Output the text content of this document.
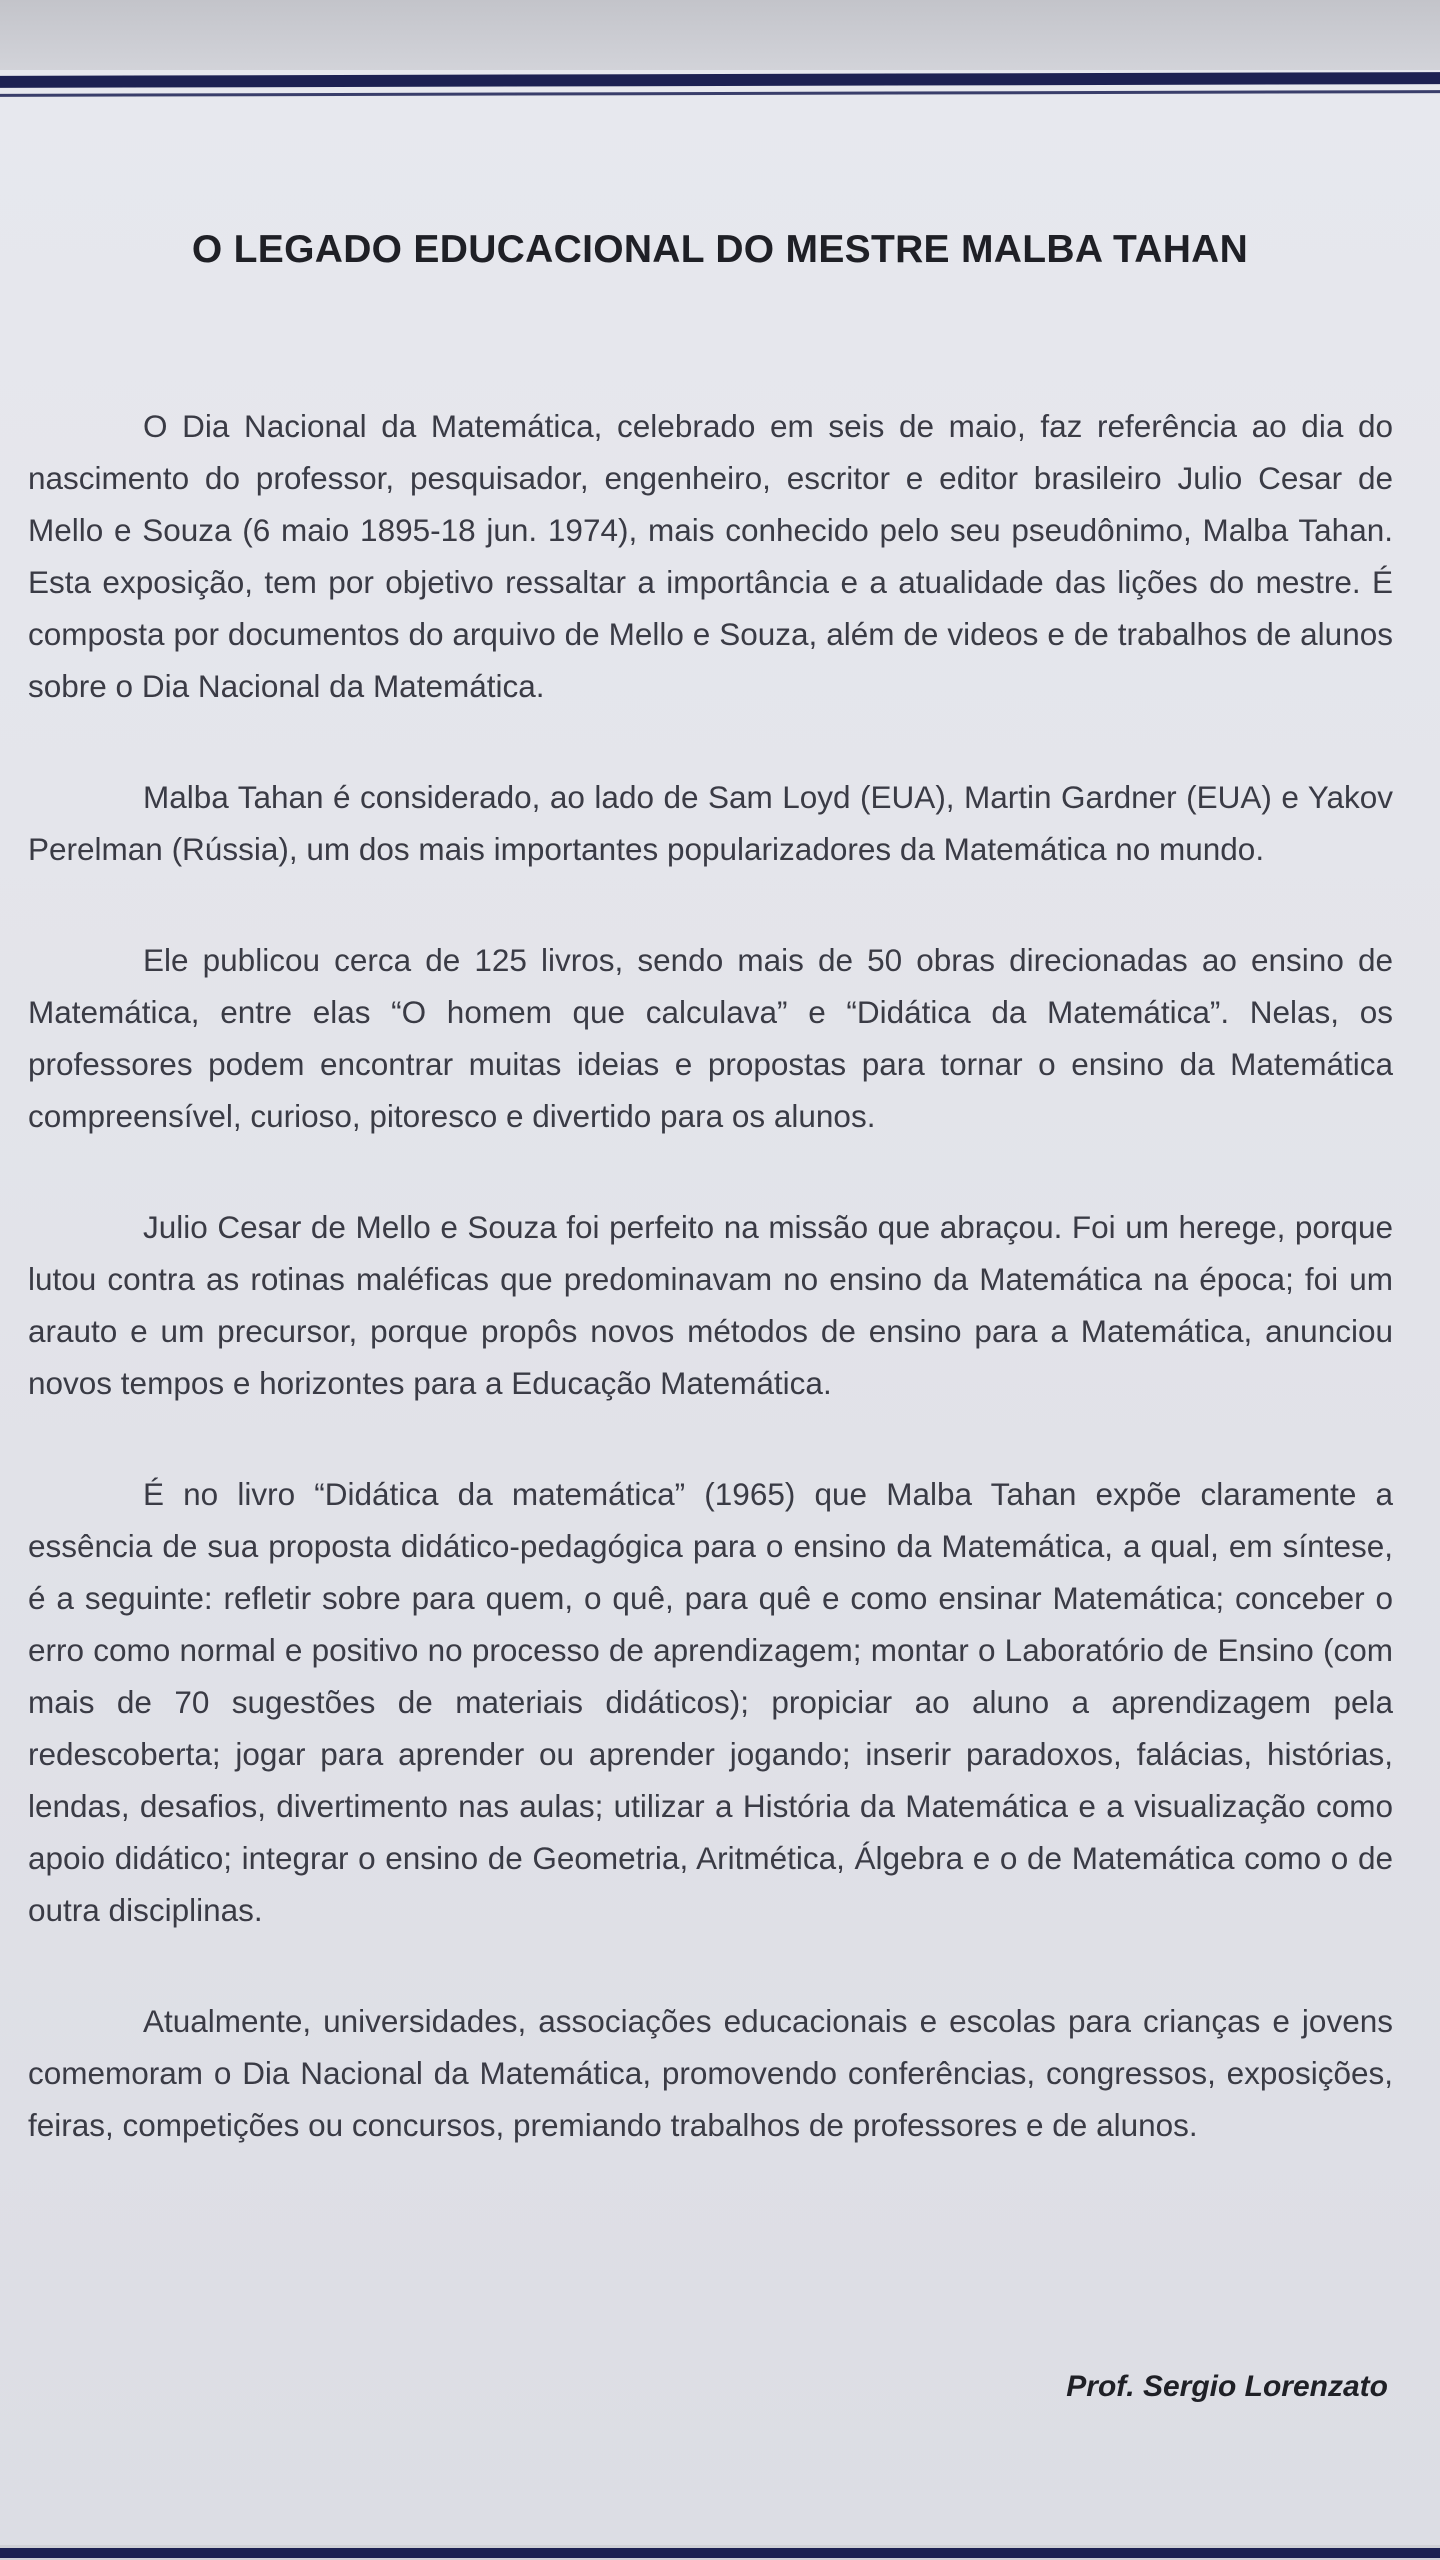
O LEGADO EDUCACIONAL DO MESTRE MALBA TAHAN

O Dia Nacional da Matemática, celebrado em seis de maio, faz referência ao dia do nascimento do professor, pesquisador, engenheiro, escritor e editor brasileiro Julio Cesar de Mello e Souza (6 maio 1895-18 jun. 1974), mais conhecido pelo seu pseudônimo, Malba Tahan. Esta exposição, tem por objetivo ressaltar a importância e a atualidade das lições do mestre. É composta por documentos do arquivo de Mello e Souza, além de videos e de trabalhos de alunos sobre o Dia Nacional da Matemática.

Malba Tahan é considerado, ao lado de Sam Loyd (EUA), Martin Gardner (EUA) e Yakov Perelman (Rússia), um dos mais importantes popularizadores da Matemática no mundo.

Ele publicou cerca de 125 livros, sendo mais de 50 obras direcionadas ao ensino de Matemática, entre elas “O homem que calculava” e “Didática da Matemática”. Nelas, os professores podem encontrar muitas ideias e propostas para tornar o ensino da Matemática compreensível, curioso, pitoresco e divertido para os alunos.

Julio Cesar de Mello e Souza foi perfeito na missão que abraçou. Foi um herege, porque lutou contra as rotinas maléficas que predominavam no ensino da Matemática na época; foi um arauto e um precursor, porque propôs novos métodos de ensino para a Matemática, anunciou novos tempos e horizontes para a Educação Matemática.

É no livro “Didática da matemática” (1965) que Malba Tahan expõe claramente a essência de sua proposta didático-pedagógica para o ensino da Matemática, a qual, em síntese, é a seguinte: refletir sobre para quem, o quê, para quê e como ensinar Matemática; conceber o erro como normal e positivo no processo de aprendizagem; montar o Laboratório de Ensino (com mais de 70 sugestões de materiais didáticos); propiciar ao aluno a aprendizagem pela redescoberta; jogar para aprender ou aprender jogando; inserir paradoxos, falácias, histórias, lendas, desafios, divertimento nas aulas; utilizar a História da Matemática e a visualização como apoio didático; integrar o ensino de Geometria, Aritmética, Álgebra e o de Matemática como o de outra disciplinas.

Atualmente, universidades, associações educacionais e escolas para crianças e jovens comemoram o Dia Nacional da Matemática, promovendo conferências, congressos, exposições, feiras, competições ou concursos, premiando trabalhos de professores e de alunos.

Prof. Sergio Lorenzato
